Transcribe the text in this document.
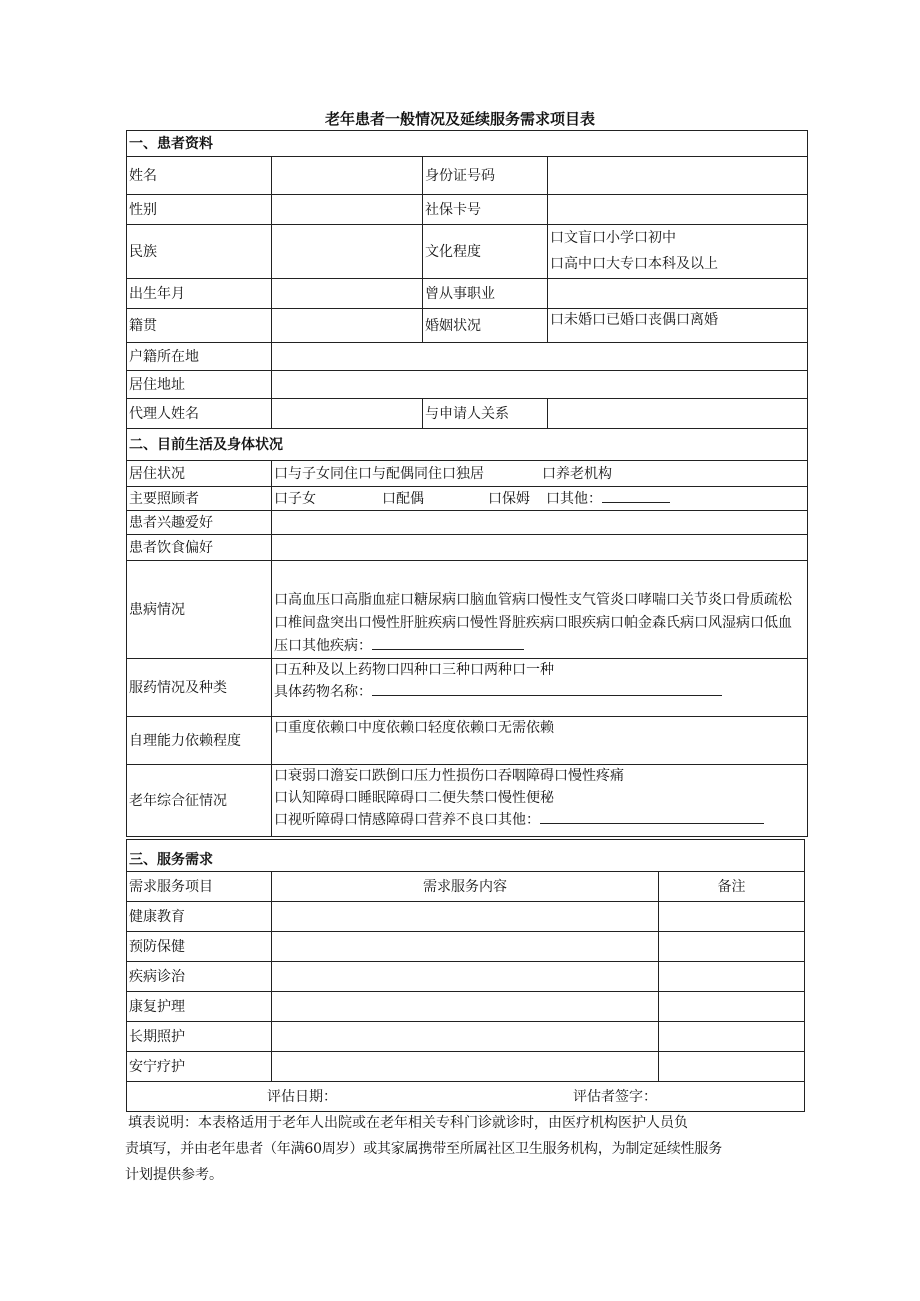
老年患者一般情况及延续服务需求项目表
一、患者资料			
姓名		身份证号码	
性别		社保卡号	
民族		文化程度	口文盲口小学口初中
口高中口大专口本科及以上

出生年月		曾从事职业	
籍贯		婚姻状况	口未婚口已婚口丧偶口离婚
户籍所在地			
居住地址			
代理人姓名		与申请人关系	
二、目前生活及身体状况			
居住状况	口与子女同住口与配偶同住口独居 口养老机构		
主要照顾者	口子女 口配偶 口保姆 口其他：		
患者兴趣爱好			
患者饮食偏好			
患病情况	口高血压口高脂血症口糖尿病口脑血管病口慢性支气管炎口哮喘口关节炎口骨质疏松口椎间盘突出口慢性肝脏疾病口慢性肾脏疾病口眼疾病口帕金森氏病口风湿病口低血压口其他疾病：		
服药情况及种类	口五种及以上药物口四种口三种口两种口一种
具体药物名称：		

自理能力依赖程度	口重度依赖口中度依赖口轻度依赖口无需依赖		
老年综合征情况	口衰弱口澹妄口跌倒口压力性损伤口吞咽障碍口慢性疼痛
口认知障碍口睡眠障碍口二便失禁口慢性便秘
口视听障碍口情感障碍口营养不良口其他：		
三、服务需求		
需求服务项目	需求服务内容	备注
健康教育		
预防保健		
疾病诊治		
康复护理		
长期照护		
安宁疗护		
评估日期： 评估者签字：		
填表说明：本表格适用于老年人出院或在老年相关专科门诊就诊时，由医疗机构医护人员负
责填写，并由老年患者（年满60周岁）或其家属携带至所属社区卫生服务机构，为制定延续性服务
计划提供参考。
